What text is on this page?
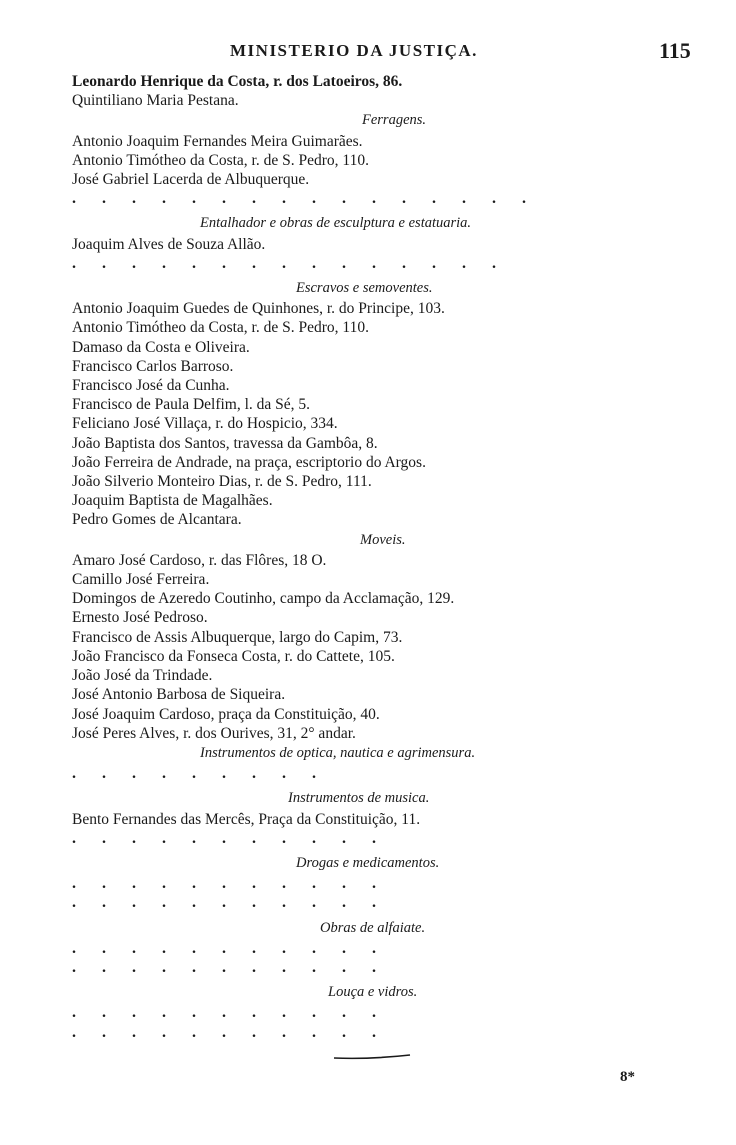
MINISTERIO DA JUSTIÇA.	115
Leonardo Henrique da Costa, r. dos Latoeiros, 86.
Quintiliano Maria Pestana.
Ferragens.
Antonio Joaquim Fernandes Meira Guimarães.
Antonio Timótheo da Costa, r. de S. Pedro, 110.
José Gabriel Lacerda de Albuquerque.
. . . . . . . . . . . . . . . .
Entalhador e obras de esculptura e estatuaria.
Joaquim Alves de Souza Allão.
. . . . . . . . . . . . . . .
Escravos e semoventes.
Antonio Joaquim Guedes de Quinhones, r. do Principe, 103.
Antonio Timótheo da Costa, r. de S. Pedro, 110.
Damaso da Costa e Oliveira.
Francisco Carlos Barroso.
Francisco José da Cunha.
Francisco de Paula Delfim, l. da Sé, 5.
Feliciano José Villaça, r. do Hospicio, 334.
João Baptista dos Santos, travessa da Gambôa, 8.
João Ferreira de Andrade, na praça, escriptorio do Argos.
João Silverio Monteiro Dias, r. de S. Pedro, 111.
Joaquim Baptista de Magalhães.
Pedro Gomes de Alcantara.
Moveis.
Amaro José Cardoso, r. das Flôres, 18 O.
Camillo José Ferreira.
Domingos de Azeredo Coutinho, campo da Acclamação, 129.
Ernesto José Pedroso.
Francisco de Assis Albuquerque, largo do Capim, 73.
João Francisco da Fonseca Costa, r. do Cattete, 105.
João José da Trindade.
José Antonio Barbosa de Siqueira.
José Joaquim Cardoso, praça da Constituição, 40.
José Peres Alves, r. dos Ourives, 31, 2° andar.
Instrumentos de optica, nautica e agrimensura.
. . . . . . . . .
Instrumentos de musica.
Bento Fernandes das Mercês, Praça da Constituição, 11.
. . . . . . . . . . .
Drogas e medicamentos.
. . . . . . . . . . .
. . . . . . . . . . .
Obras de alfaiate.
. . . . . . . . . . .
. . . . . . . . . . .
Louça e vidros.
. . . . . . . . . . .
. . . . . . . . . . .
8*
